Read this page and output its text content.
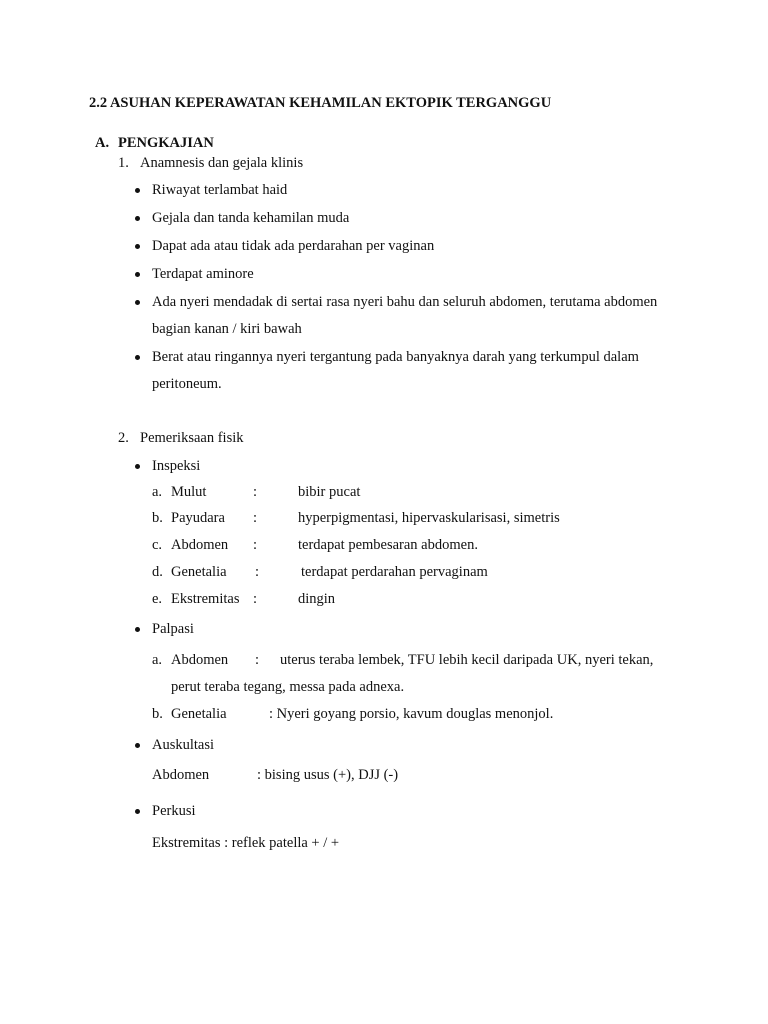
2.2 ASUHAN KEPERAWATAN KEHAMILAN EKTOPIK TERGANGGU
A. PENGKAJIAN
1. Anamnesis dan gejala klinis
Riwayat terlambat haid
Gejala dan tanda kehamilan muda
Dapat ada atau tidak ada perdarahan per vaginan
Terdapat aminore
Ada nyeri mendadak di sertai rasa nyeri bahu dan seluruh abdomen, terutama abdomen
bagian kanan / kiri bawah
Berat atau ringannya nyeri tergantung pada banyaknya darah yang terkumpul dalam
peritoneum.
2. Pemeriksaan fisik
Inspeksi
a. Mulut	:	bibir pucat
b. Payudara :	hyperpigmentasi, hipervaskularisasi, simetris
c. Abdomen :	terdapat pembesaran abdomen.
d. Genetalia :	terdapat perdarahan pervaginam
e. Ekstremitas :	dingin
Palpasi
a. Abdomen : uterus teraba lembek, TFU lebih kecil daripada UK, nyeri tekan,
perut teraba tegang, messa pada adnexa.
b. Genetalia	: Nyeri goyang porsio, kavum douglas menonjol.
Auskultasi
Abdomen	: bising usus (+), DJJ (-)
Perkusi
Ekstremitas : reflek patella + / +
